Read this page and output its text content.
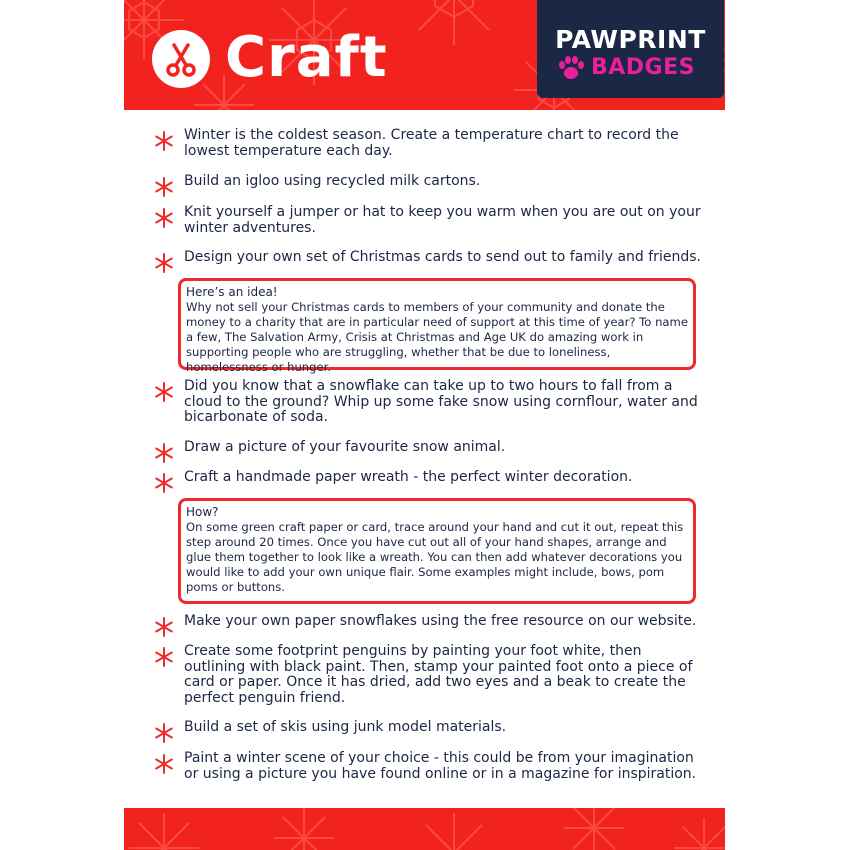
Craft	PAWPRINT
BADGES
Winter is the coldest season. Create a temperature chart to record the lowest temperature each day.
Build an igloo using recycled milk cartons.
Knit yourself a jumper or hat to keep you warm when you are out on your winter adventures.
Design your own set of Christmas cards to send out to family and friends.
Here’s an idea!
Why not sell your Christmas cards to members of your community and donate the money to a charity that are in particular need of support at this time of year? To name a few, The Salvation Army, Crisis at Christmas and Age UK do amazing work in supporting people who are struggling, whether that be due to loneliness, homelessness or hunger.
Did you know that a snowflake can take up to two hours to fall from a cloud to the ground? Whip up some fake snow using cornflour, water and bicarbonate of soda.
Draw a picture of your favourite snow animal.
Craft a handmade paper wreath - the perfect winter decoration.
How?
On some green craft paper or card, trace around your hand and cut it out, repeat this step around 20 times. Once you have cut out all of your hand shapes, arrange and glue them together to look like a wreath. You can then add whatever decorations you would like to add your own unique flair. Some examples might include, bows, pom poms or buttons.
Make your own paper snowflakes using the free resource on our website.
Create some footprint penguins by painting your foot white, then outlining with black paint. Then, stamp your painted foot onto a piece of card or paper. Once it has dried, add two eyes and a beak to create the perfect penguin friend.
Build a set of skis using junk model materials.
Paint a winter scene of your choice - this could be from your imagination or using a picture you have found online or in a magazine for inspiration.
